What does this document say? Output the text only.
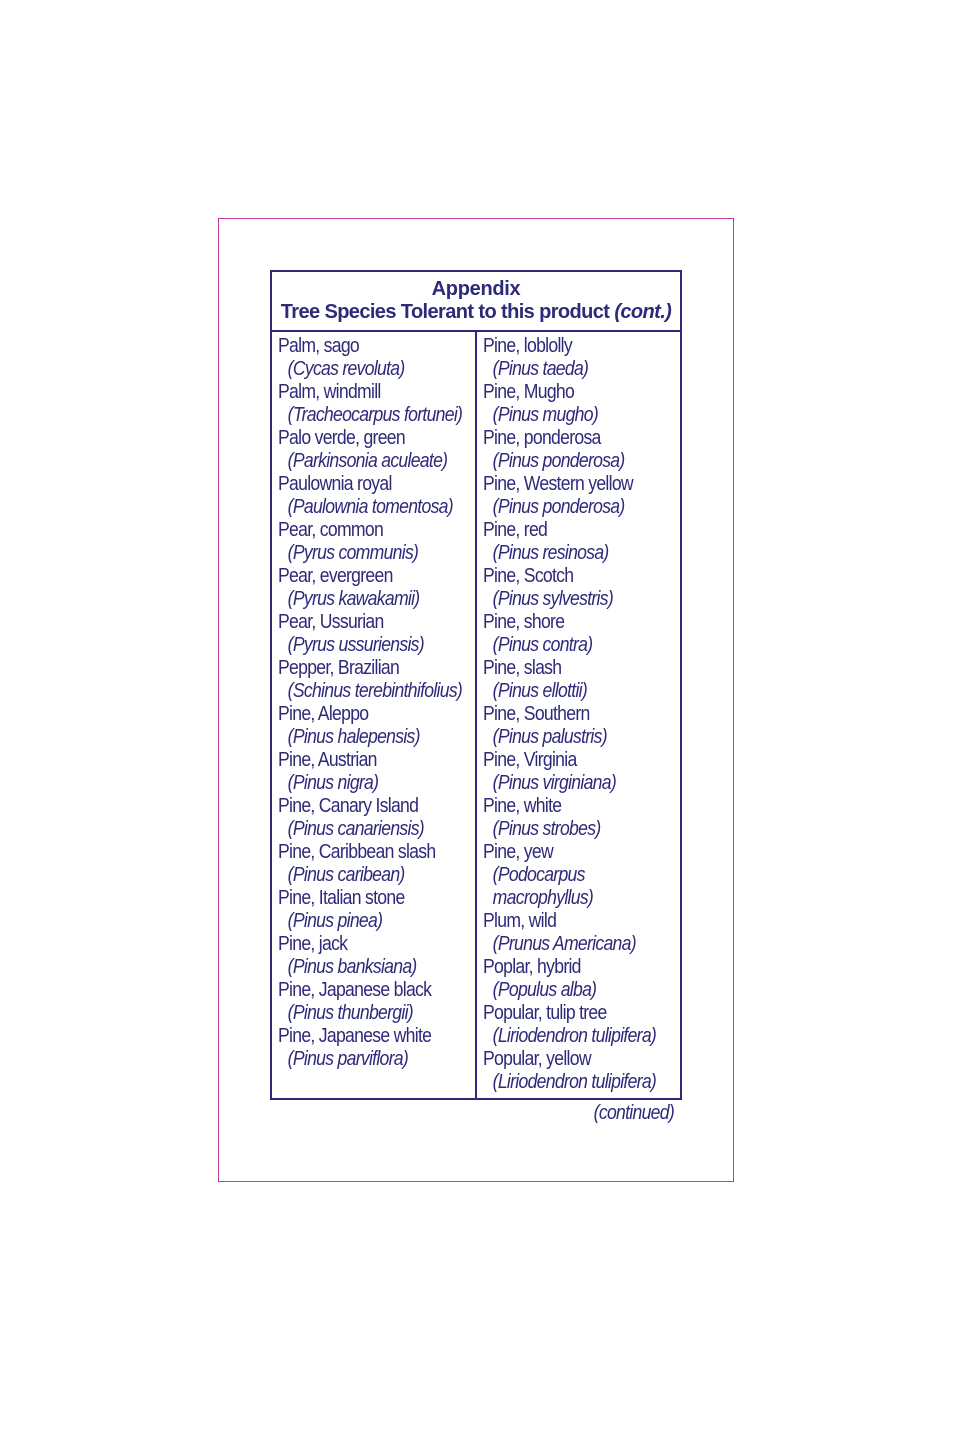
Appendix
Tree Species Tolerant to this product (cont.)
Palm, sago
(Cycas revoluta)
Palm, windmill
(Tracheocarpus fortunei)
Palo verde, green
(Parkinsonia aculeate)
Paulownia royal
(Paulownia tomentosa)
Pear, common
(Pyrus communis)
Pear, evergreen
(Pyrus kawakamii)
Pear, Ussurian
(Pyrus ussuriensis)
Pepper, Brazilian
(Schinus terebinthifolius)
Pine, Aleppo
(Pinus halepensis)
Pine, Austrian
(Pinus nigra)
Pine, Canary Island
(Pinus canariensis)
Pine, Caribbean slash
(Pinus caribean)
Pine, Italian stone
(Pinus pinea)
Pine, jack
(Pinus banksiana)
Pine, Japanese black
(Pinus thunbergii)
Pine, Japanese white
(Pinus parviflora)
Pine, loblolly
(Pinus taeda)
Pine, Mugho
(Pinus mugho)
Pine, ponderosa
(Pinus ponderosa)
Pine, Western yellow
(Pinus ponderosa)
Pine, red
(Pinus resinosa)
Pine, Scotch
(Pinus sylvestris)
Pine, shore
(Pinus contra)
Pine, slash
(Pinus ellottii)
Pine, Southern
(Pinus palustris)
Pine, Virginia
(Pinus virginiana)
Pine, white
(Pinus strobes)
Pine, yew
(Podocarpus
macrophyllus)
Plum, wild
(Prunus Americana)
Poplar, hybrid
(Populus alba)
Popular, tulip tree
(Liriodendron tulipifera)
Popular, yellow
(Liriodendron tulipifera)
(continued)
